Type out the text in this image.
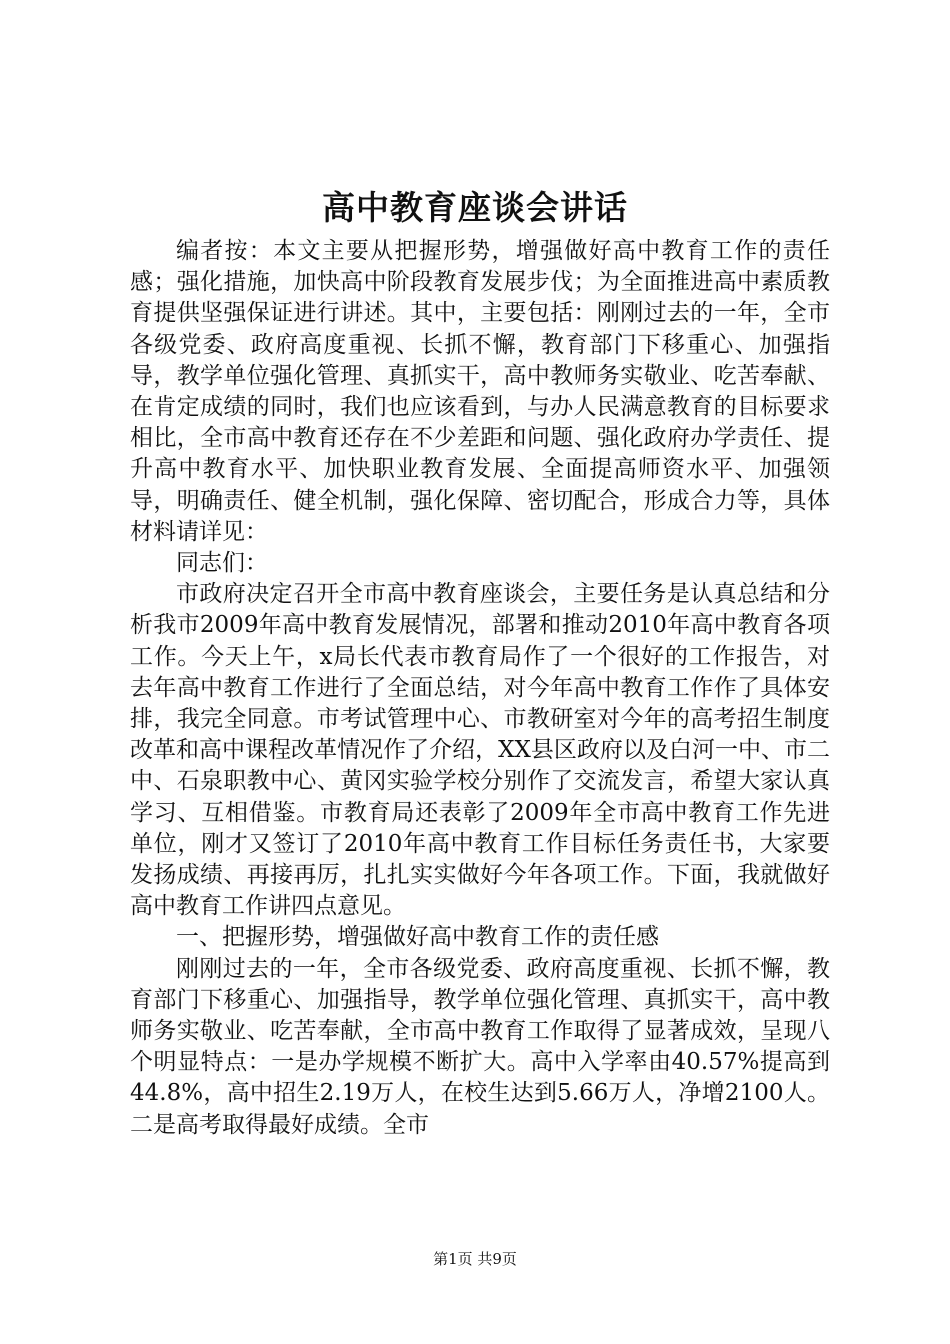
高中教育座谈会讲话

编者按：本文主要从把握形势，增强做好高中教育工作的责任感；强化措施，加快高中阶段教育发展步伐；为全面推进高中素质教育提供坚强保证进行讲述。其中，主要包括：刚刚过去的一年，全市各级党委、政府高度重视、长抓不懈，教育部门下移重心、加强指导，教学单位强化管理、真抓实干，高中教师务实敬业、吃苦奉献、在肯定成绩的同时，我们也应该看到，与办人民满意教育的目标要求相比，全市高中教育还存在不少差距和问题、强化政府办学责任、提升高中教育水平、加快职业教育发展、全面提高师资水平、加强领导，明确责任、健全机制，强化保障、密切配合，形成合力等，具体材料请详见：

同志们：

市政府决定召开全市高中教育座谈会，主要任务是认真总结和分析我市2009年高中教育发展情况，部署和推动2010年高中教育各项工作。今天上午，x局长代表市教育局作了一个很好的工作报告，对去年高中教育工作进行了全面总结，对今年高中教育工作作了具体安排，我完全同意。市考试管理中心、市教研室对今年的高考招生制度改革和高中课程改革情况作了介绍，XX县区政府以及白河一中、市二中、石泉职教中心、黄冈实验学校分别作了交流发言，希望大家认真学习、互相借鉴。市教育局还表彰了2009年全市高中教育工作先进单位，刚才又签订了2010年高中教育工作目标任务责任书，大家要发扬成绩、再接再厉，扎扎实实做好今年各项工作。下面，我就做好高中教育工作讲四点意见。

一、把握形势，增强做好高中教育工作的责任感

刚刚过去的一年，全市各级党委、政府高度重视、长抓不懈，教育部门下移重心、加强指导，教学单位强化管理、真抓实干，高中教师务实敬业、吃苦奉献，全市高中教育工作取得了显著成效，呈现八个明显特点：一是办学规模不断扩大。高中入学率由40.57%提高到44.8%，高中招生2.19万人，在校生达到5.66万人，净增2100人。二是高考取得最好成绩。全市

第1页 共9页
